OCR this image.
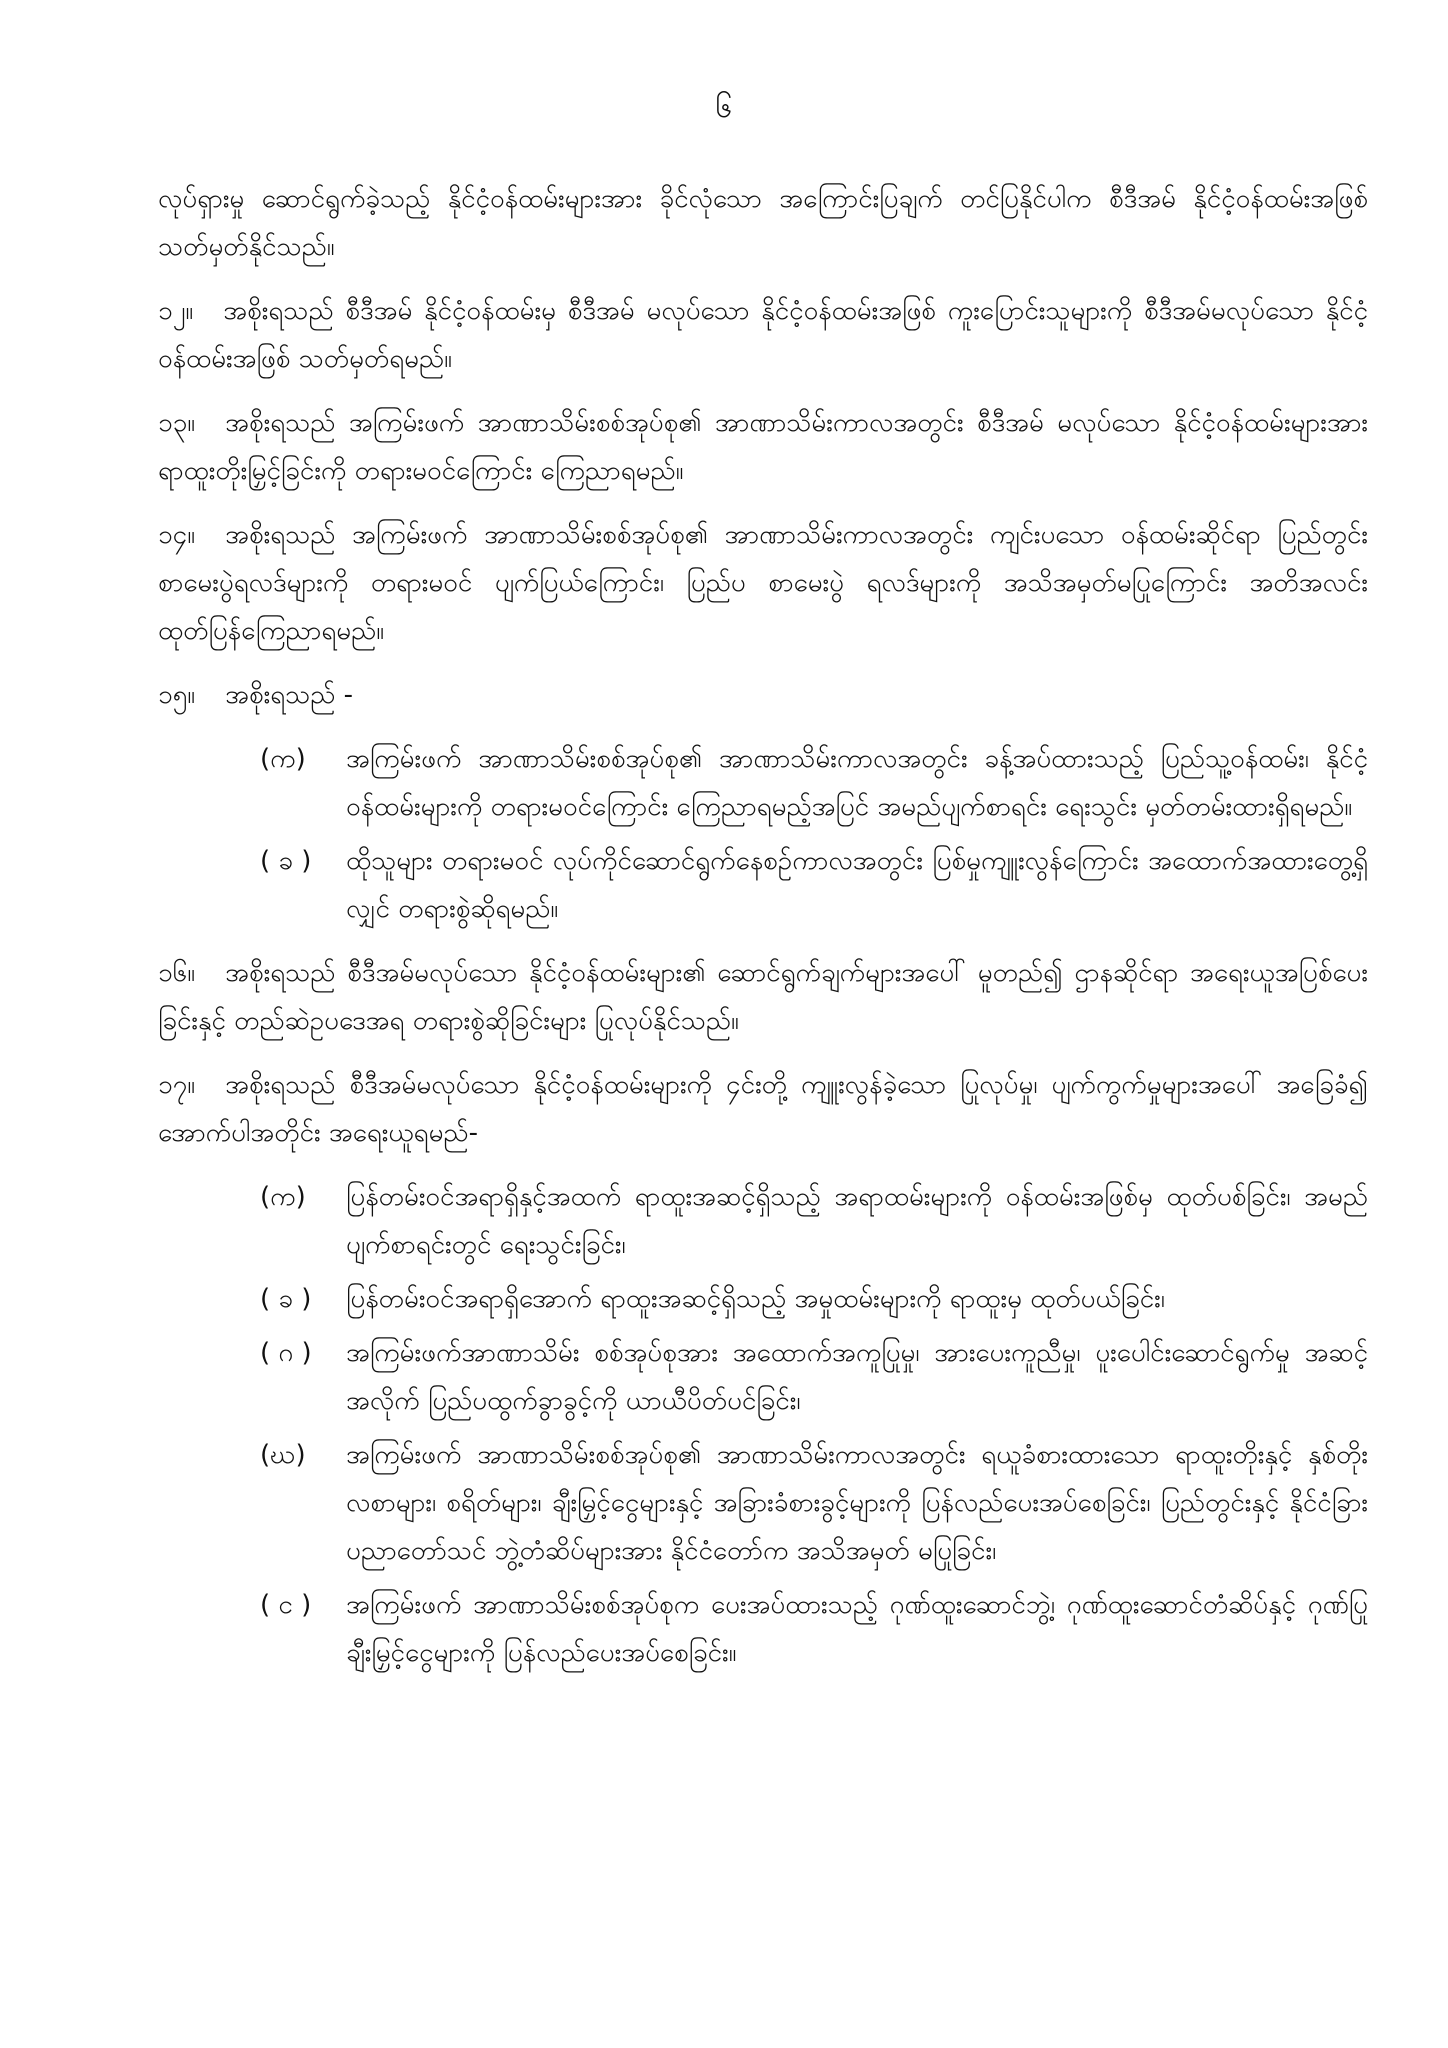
၆

လုပ်ရှားမှု ဆောင်ရွက်ခဲ့သည့် နိုင်ငံ့ဝန်ထမ်းများအား ခိုင်လုံသော အကြောင်းပြချက် တင်ပြနိုင်ပါက စီဒီအမ် နိုင်ငံ့ဝန်ထမ်းအဖြစ် သတ်မှတ်နိုင်သည်။

၁၂။ အစိုးရသည် စီဒီအမ် နိုင်ငံ့ဝန်ထမ်းမှ စီဒီအမ် မလုပ်သော နိုင်ငံ့ဝန်ထမ်းအဖြစ် ကူးပြောင်းသူများကို စီဒီအမ်မလုပ်သော နိုင်ငံ့ဝန်ထမ်းအဖြစ် သတ်မှတ်ရမည်။

၁၃။ အစိုးရသည် အကြမ်းဖက် အာဏာသိမ်းစစ်အုပ်စု၏ အာဏာသိမ်းကာလအတွင်း စီဒီအမ် မလုပ်သော နိုင်ငံ့ဝန်ထမ်းများအား ရာထူးတိုးမြှင့်ခြင်းကို တရားမဝင်ကြောင်း ကြေညာရမည်။

၁၄။ အစိုးရသည် အကြမ်းဖက် အာဏာသိမ်းစစ်အုပ်စု၏ အာဏာသိမ်းကာလအတွင်း ကျင်းပသော ဝန်ထမ်းဆိုင်ရာ ပြည်တွင်း စာမေးပွဲရလဒ်များကို တရားမဝင် ပျက်ပြယ်ကြောင်း၊ ပြည်ပ စာမေးပွဲ ရလဒ်များကို အသိအမှတ်မပြုကြောင်း အတိအလင်း ထုတ်ပြန်ကြေညာရမည်။

၁၅။ အစိုးရသည် -

(က)	အကြမ်းဖက် အာဏာသိမ်းစစ်အုပ်စု၏ အာဏာသိမ်းကာလအတွင်း ခန့်အပ်ထားသည့် ပြည်သူ့ဝန်ထမ်း၊ နိုင်ငံ့ဝန်ထမ်းများကို တရားမဝင်ကြောင်း ကြေညာရမည့်အပြင် အမည်ပျက်စာရင်း ရေးသွင်း မှတ်တမ်းထားရှိရမည်။
( ခ )	ထိုသူများ တရားမဝင် လုပ်ကိုင်ဆောင်ရွက်နေစဉ်ကာလအတွင်း ပြစ်မှုကျူးလွန်ကြောင်း အထောက်အထားတွေ့ရှိလျှင် တရားစွဲဆိုရမည်။

၁၆။ အစိုးရသည် စီဒီအမ်မလုပ်သော နိုင်ငံ့ဝန်ထမ်းများ၏ ဆောင်ရွက်ချက်များအပေါ် မူတည်၍ ဌာနဆိုင်ရာ အရေးယူအပြစ်ပေးခြင်းနှင့် တည်ဆဲဥပဒေအရ တရားစွဲဆိုခြင်းများ ပြုလုပ်နိုင်သည်။

၁၇။ အစိုးရသည် စီဒီအမ်မလုပ်သော နိုင်ငံ့ဝန်ထမ်းများကို ၄င်းတို့ ကျူးလွန်ခဲ့သော ပြုလုပ်မှု၊ ပျက်ကွက်မှုများအပေါ် အခြေခံ၍ အောက်ပါအတိုင်း အရေးယူရမည်-

(က)	ပြန်တမ်းဝင်အရာရှိနှင့်အထက် ရာထူးအဆင့်ရှိသည့် အရာထမ်းများကို ဝန်ထမ်းအဖြစ်မှ ထုတ်ပစ်ခြင်း၊ အမည်ပျက်စာရင်းတွင် ရေးသွင်းခြင်း၊
( ခ )	ပြန်တမ်းဝင်အရာရှိအောက် ရာထူးအဆင့်ရှိသည့် အမှုထမ်းများကို ရာထူးမှ ထုတ်ပယ်ခြင်း၊
( ဂ )	အကြမ်းဖက်အာဏာသိမ်း စစ်အုပ်စုအား အထောက်အကူပြုမှု၊ အားပေးကူညီမှု၊ ပူးပေါင်းဆောင်ရွက်မှု အဆင့်အလိုက် ပြည်ပထွက်ခွာခွင့်ကို ယာယီပိတ်ပင်ခြင်း၊
(ဃ)	အကြမ်းဖက် အာဏာသိမ်းစစ်အုပ်စု၏ အာဏာသိမ်းကာလအတွင်း ရယူခံစားထားသော ရာထူးတိုးနှင့် နှစ်တိုး လစာများ၊ စရိတ်များ၊ ချီးမြှင့်ငွေများနှင့် အခြားခံစားခွင့်များကို ပြန်လည်ပေးအပ်စေခြင်း၊ ပြည်တွင်းနှင့် နိုင်ငံခြား ပညာတော်သင် ဘွဲ့တံဆိပ်များအား နိုင်ငံတော်က အသိအမှတ် မပြုခြင်း၊
( င )	အကြမ်းဖက် အာဏာသိမ်းစစ်အုပ်စုက ပေးအပ်ထားသည့် ဂုဏ်ထူးဆောင်ဘွဲ့၊ ဂုဏ်ထူးဆောင်တံဆိပ်နှင့် ဂုဏ်ပြုချီးမြှင့်ငွေများကို ပြန်လည်ပေးအပ်စေခြင်း။
